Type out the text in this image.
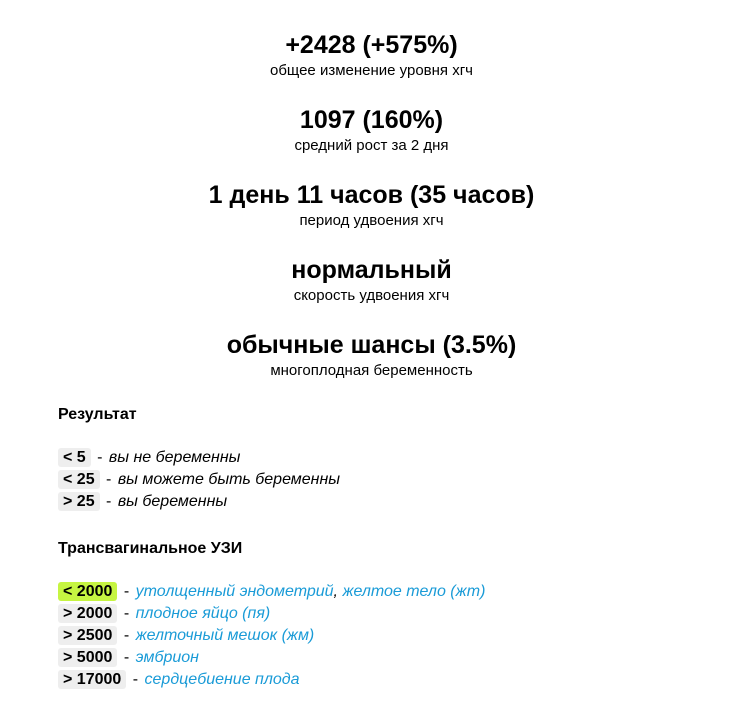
+2428 (+575%)
общее изменение уровня хгч
1097 (160%)
средний рост за 2 дня
1 день 11 часов (35 часов)
период удвоения хгч
нормальный
скорость удвоения хгч
обычные шансы (3.5%)
многоплодная беременность
Результат
< 5 - вы не беременны
< 25 - вы можете быть беременны
> 25 - вы беременны
Трансвагинальное УЗИ
< 2000 - утолщенный эндометрий, желтое тело (жт)
> 2000 - плодное яйцо (пя)
> 2500 - желточный мешок (жм)
> 5000 - эмбрион
> 17000 - сердцебиение плода
